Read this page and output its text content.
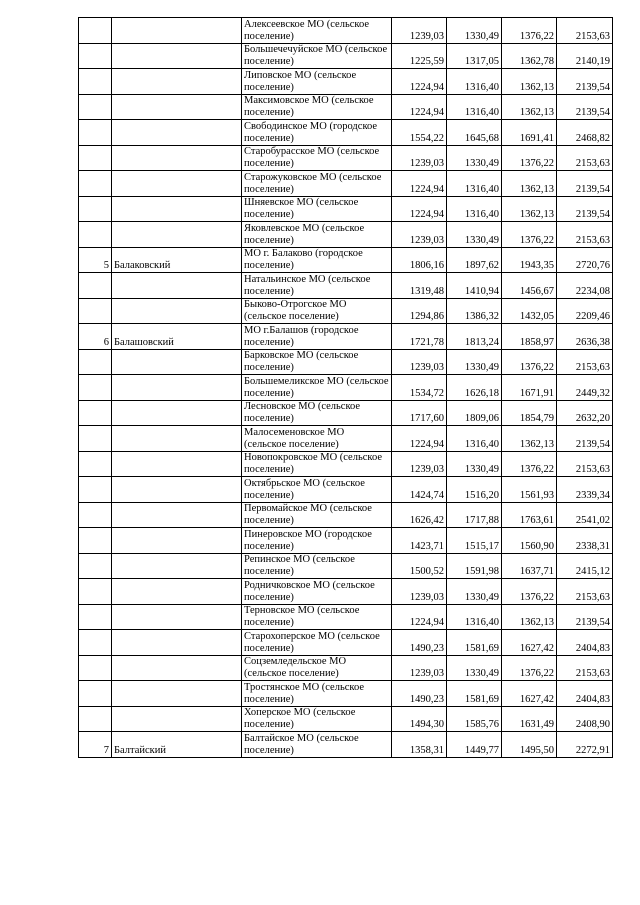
		Алексеевское МО (сельское поселение)	1239,03	1330,49	1376,22	2153,63
		Большечечуйское МО (сельское поселение)	1225,59	1317,05	1362,78	2140,19
		Липовское МО (сельское поселение)	1224,94	1316,40	1362,13	2139,54
		Максимовское МО (сельское поселение)	1224,94	1316,40	1362,13	2139,54
		Свободинское МО (городское поселение)	1554,22	1645,68	1691,41	2468,82
		Старобурасское МО (сельское поселение)	1239,03	1330,49	1376,22	2153,63
		Старожуковское МО (сельское поселение)	1224,94	1316,40	1362,13	2139,54
		Шняевское МО (сельское поселение)	1224,94	1316,40	1362,13	2139,54
		Яковлевское МО (сельское поселение)	1239,03	1330,49	1376,22	2153,63
5	Балаковский	МО г. Балаково (городское поселение)	1806,16	1897,62	1943,35	2720,76
		Натальинское МО (сельское поселение)	1319,48	1410,94	1456,67	2234,08
		Быково-Отрогское МО (сельское поселение)	1294,86	1386,32	1432,05	2209,46
6	Балашовский	МО г.Балашов (городское поселение)	1721,78	1813,24	1858,97	2636,38
		Барковское МО (сельское поселение)	1239,03	1330,49	1376,22	2153,63
		Большемеликское МО (сельское поселение)	1534,72	1626,18	1671,91	2449,32
		Лесновское МО (сельское поселение)	1717,60	1809,06	1854,79	2632,20
		Малосеменовское МО (сельское поселение)	1224,94	1316,40	1362,13	2139,54
		Новопокровское МО (сельское поселение)	1239,03	1330,49	1376,22	2153,63
		Октябрьское МО (сельское поселение)	1424,74	1516,20	1561,93	2339,34
		Первомайское МО (сельское поселение)	1626,42	1717,88	1763,61	2541,02
		Пинеровское МО (городское поселение)	1423,71	1515,17	1560,90	2338,31
		Репинское МО (сельское поселение)	1500,52	1591,98	1637,71	2415,12
		Родничковское МО (сельское поселение)	1239,03	1330,49	1376,22	2153,63
		Терновское МО (сельское поселение)	1224,94	1316,40	1362,13	2139,54
		Старохоперское МО (сельское поселение)	1490,23	1581,69	1627,42	2404,83
		Соцземледельское МО (сельское поселение)	1239,03	1330,49	1376,22	2153,63
		Тростянское МО (сельское поселение)	1490,23	1581,69	1627,42	2404,83
		Хоперское МО (сельское поселение)	1494,30	1585,76	1631,49	2408,90
7	Балтайский	Балтайское МО (сельское поселение)	1358,31	1449,77	1495,50	2272,91
